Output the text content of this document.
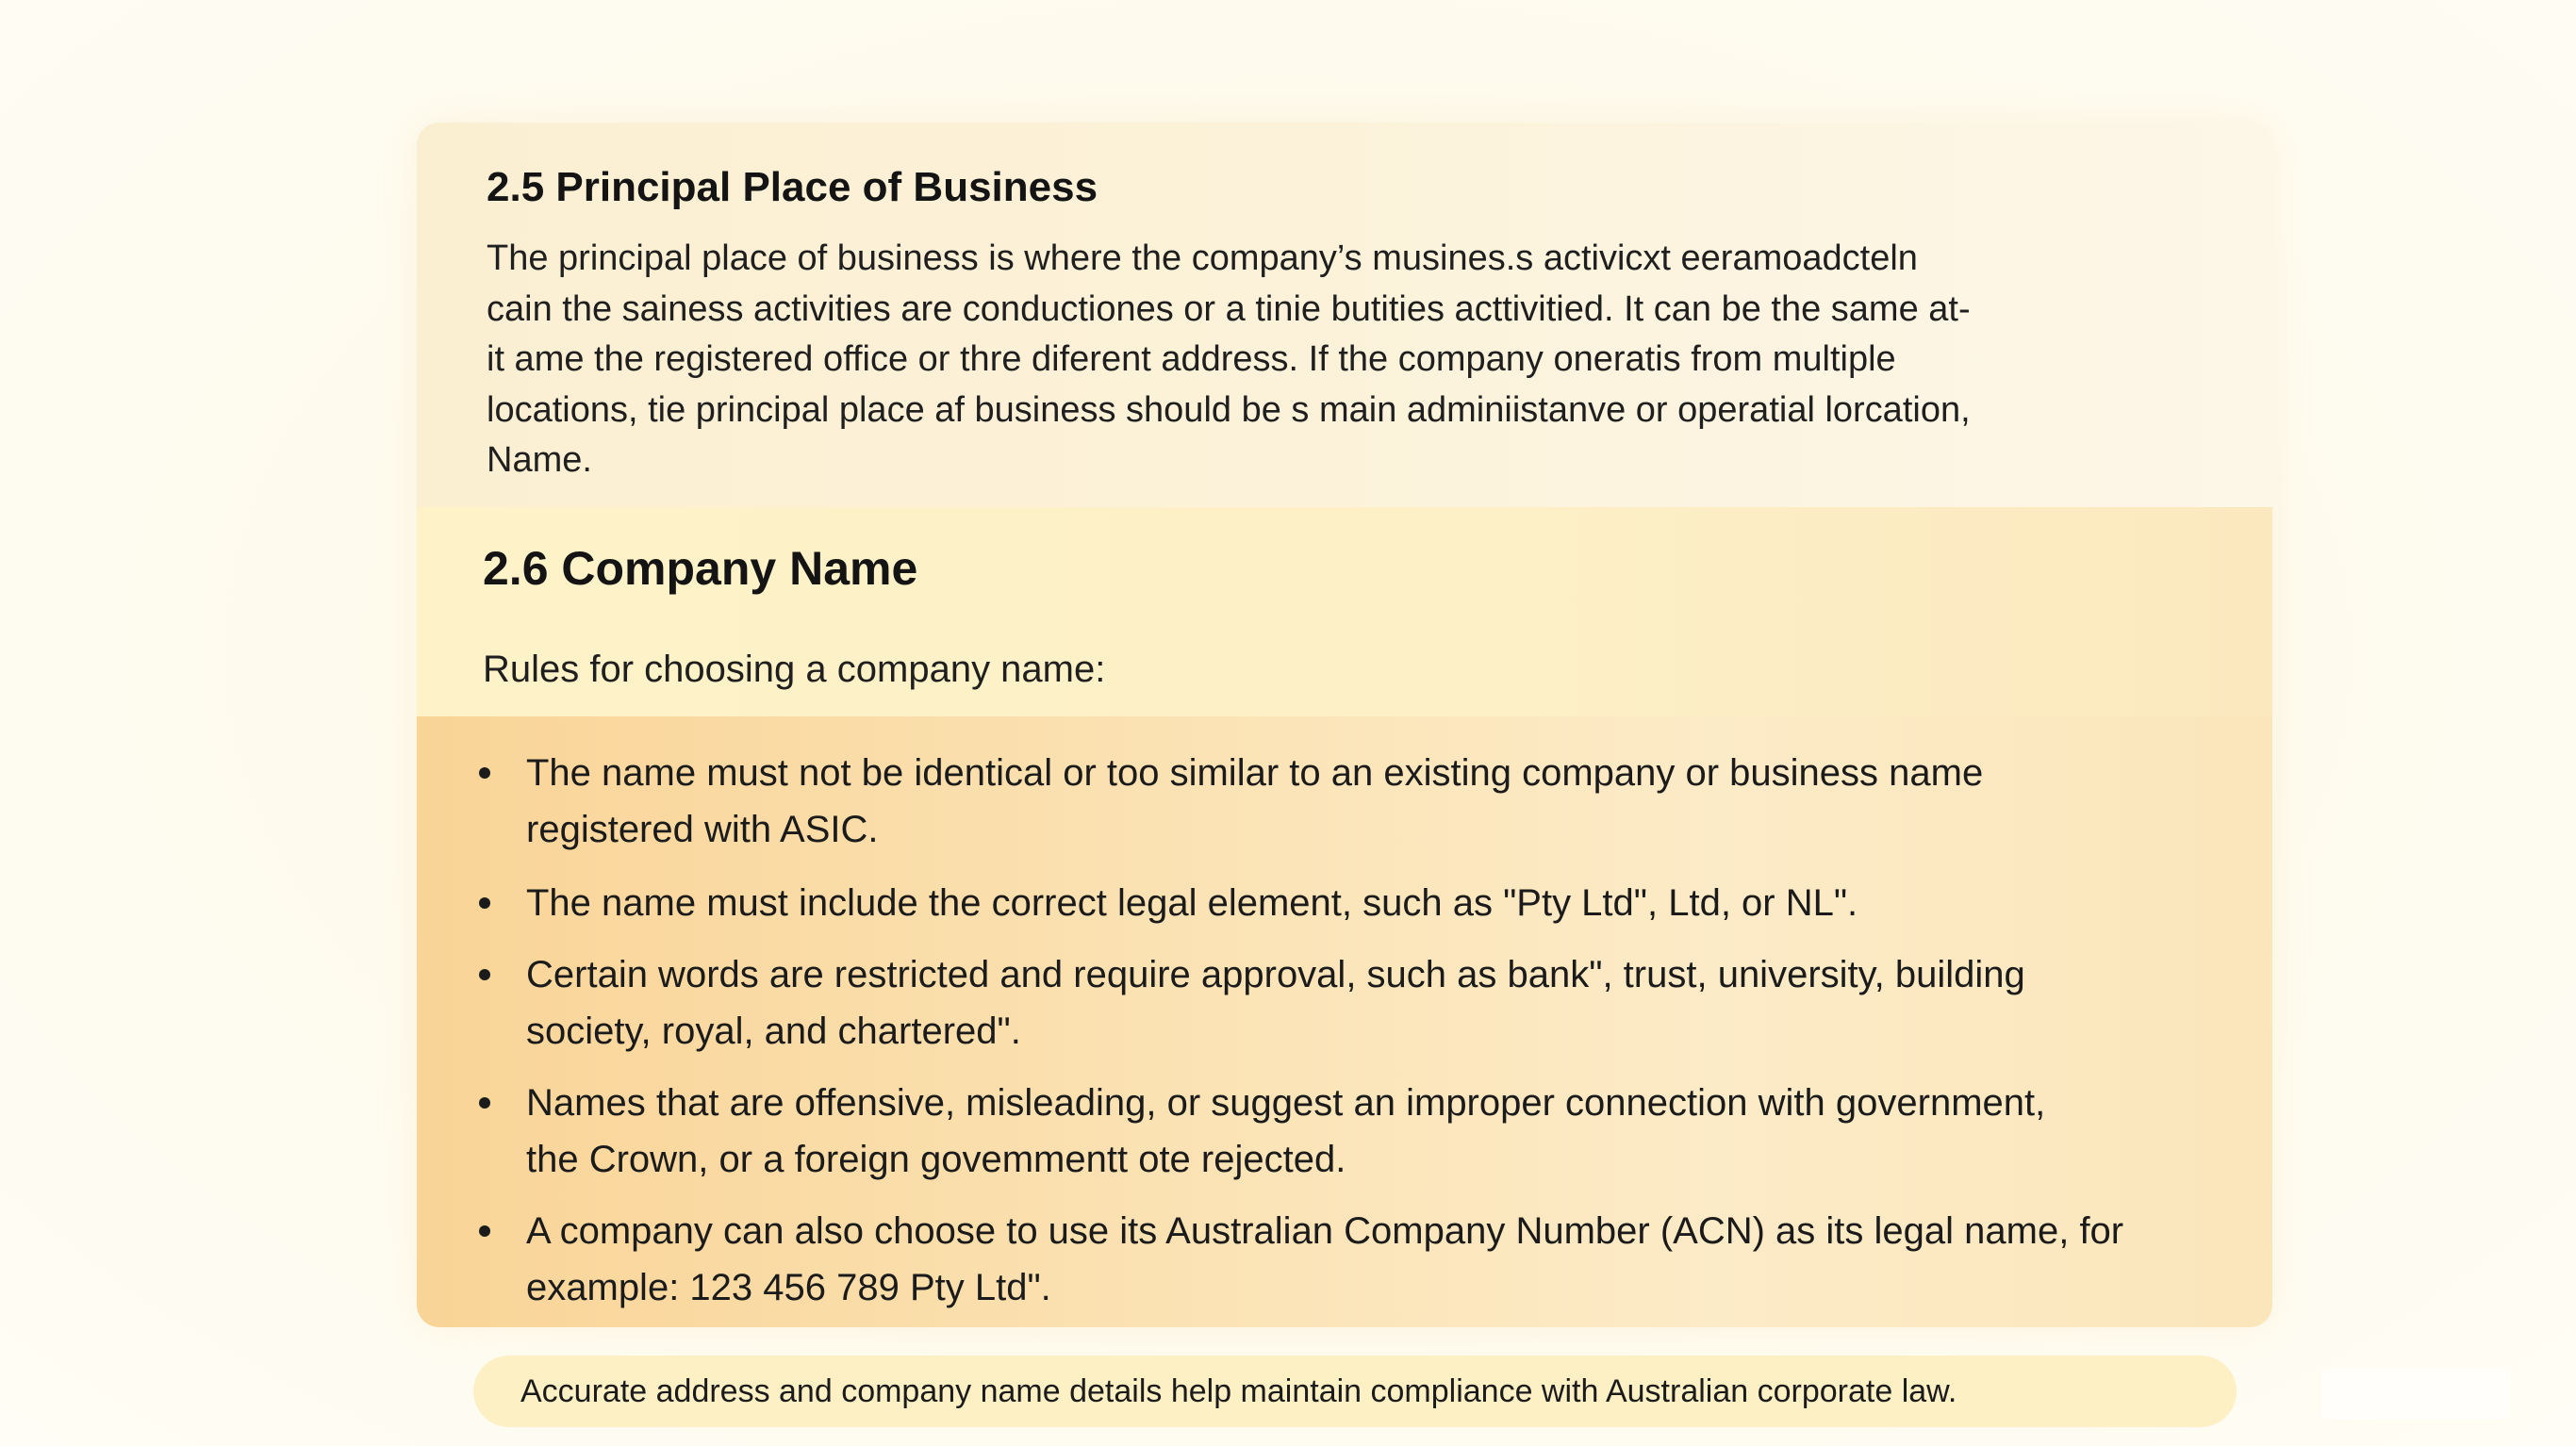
2.5 Principal Place of Business

The principal place of business is where the company’s musines.s activicxt eeramoadcteln
cain the sainess activities are conductiones or a tinie butities acttivitied. It can be the same at-
it amе the registered office or thre diferent address. If the company oneratis from multiple
locations, tie principal place af business should be s main adminiistanve or operatial lorcation,
Name.

2.6 Company Name

Rules for choosing a company name:

The name must not be identical or too similar to an existing company or business name
registered with ASIC.
The name must include the correct legal element, such as "Pty Ltd", Ltd, or NL".
Certain words are restricted and require approval, such as bank", trust, university, building
society, royal, and chartered".
Names that are offensive, misleading, or suggest an improper connection with government,
the Crown, or a foreign govemmentt ote rejected.
A company can also choose to use its Australian Company Number (ACN) as its legal name, for
example: 123 456 789 Pty Ltd".

Accurate address and company name details help maintain compliance with Australian corporate law.
